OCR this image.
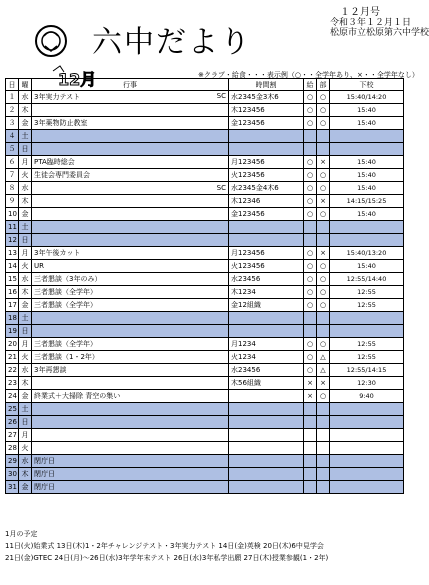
六中だより
１２月号
令和３年１２月１日
松原市立松原第六中学校
12月	※クラブ・給食・・・表示例（○・・全学年あり、×・・全学年なし）
日	曜	行事	時間割	給	部	下校
１	水	3年実力テスト SC	水2345金3木6	○	○	15:40/14:20
２	木		木123456	○	○	15:40
３	金	3年薬物防止教室	金123456	○	○	15:40
４	土	

５	日	

６	月	PTA臨時総会	月123456	○	×	15:40
７	火	生徒会専門委員会	火123456	○	○	15:40
８	水	SC	水2345金4木6	○	○	15:40
９	木		木12346	○	×	14:15/15:25
10	金		金123456	○	○	15:40
11	土	

12	日	

13	月	3年午後カット	月123456	○	×	15:40/13:20
14	火	UR	火123456	○	○	15:40
15	水	三者懇談（3年のみ）	水23456	○	○	12:55/14:40
16	木	三者懇談（全学年）	木1234	○	○	12:55
17	金	三者懇談（全学年）	金12組織	○	○	12:55
18	土	

19	日	

20	月	三者懇談（全学年）	月1234	○	○	12:55
21	火	三者懇談（1・2年）	火1234	○	△	12:55
22	水	3年再懇談	水23456	○	△	12:55/14:15
23	木		木56組織	×	×	12:30
24	金	終業式＋大掃除 青空の集い		×	○	9:40
25	土	

26	日	

27	月	

28	火	

29	水	閉庁日				

30	木	閉庁日				

31	金	閉庁日				

1月の予定
11日(火)始業式 13日(木)1・2年チャレンジテスト・3年実力テスト 14日(金)英検 20日(木)6中見学会
21日(金)GTEC 24日(月)〜26日(水)3年学年末テスト 26日(水)3年私学出願 27日(木)授業参観(1・2年)
